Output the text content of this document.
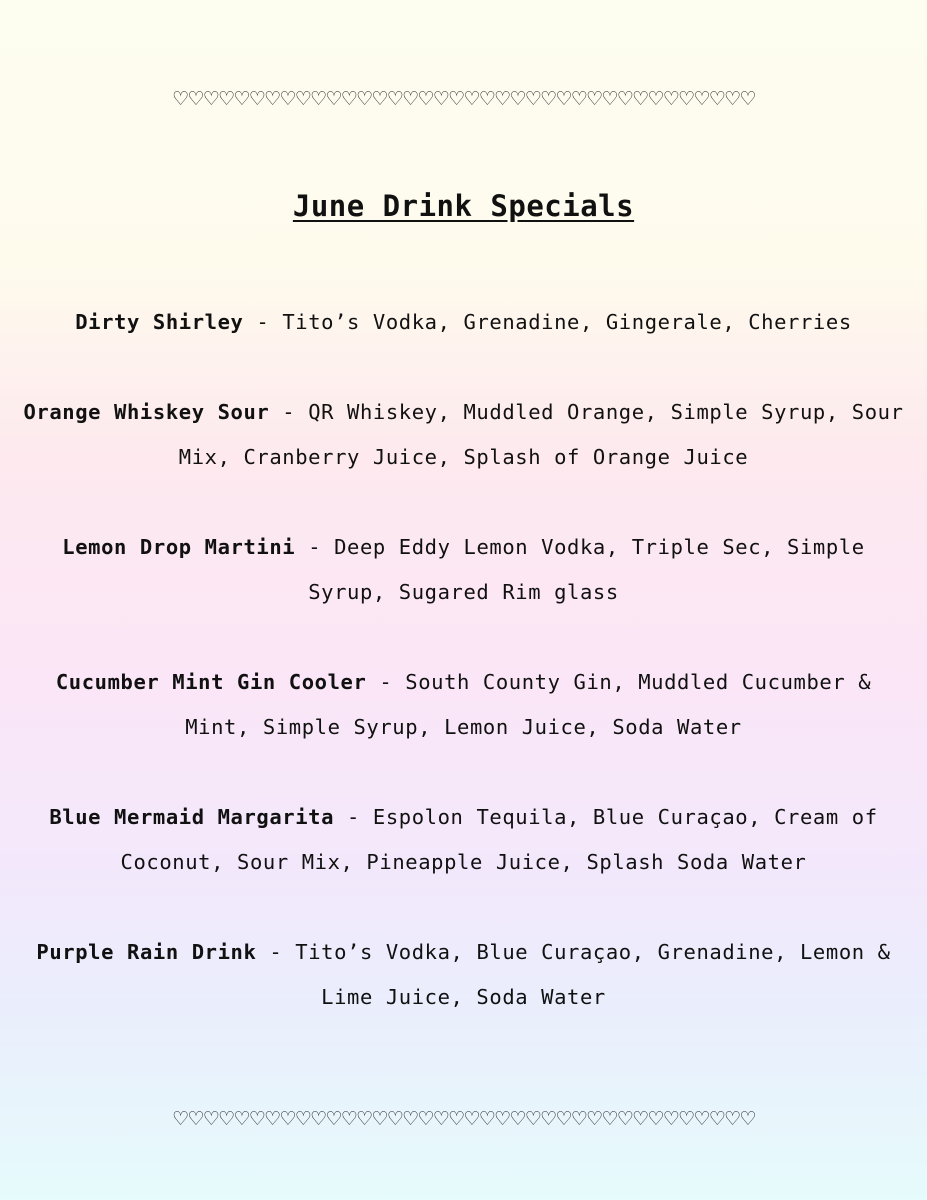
♡♡♡♡♡♡♡♡♡♡♡♡♡♡♡♡♡♡♡♡♡♡♡♡♡♡♡♡♡♡♡♡♡♡♡♡♡♡
June Drink Specials

Dirty Shirley - Tito’s Vodka, Grenadine, Gingerale, Cherries

Orange Whiskey Sour - QR Whiskey, Muddled Orange, Simple Syrup, Sour Mix, Cranberry Juice, Splash of Orange Juice

Lemon Drop Martini - Deep Eddy Lemon Vodka, Triple Sec, Simple Syrup, Sugared Rim glass

Cucumber Mint Gin Cooler - South County Gin, Muddled Cucumber & Mint, Simple Syrup, Lemon Juice, Soda Water

Blue Mermaid Margarita - Espolon Tequila, Blue Curaçao, Cream of Coconut, Sour Mix, Pineapple Juice, Splash Soda Water

Purple Rain Drink - Tito’s Vodka, Blue Curaçao, Grenadine, Lemon & Lime Juice, Soda Water

♡♡♡♡♡♡♡♡♡♡♡♡♡♡♡♡♡♡♡♡♡♡♡♡♡♡♡♡♡♡♡♡♡♡♡♡♡♡
